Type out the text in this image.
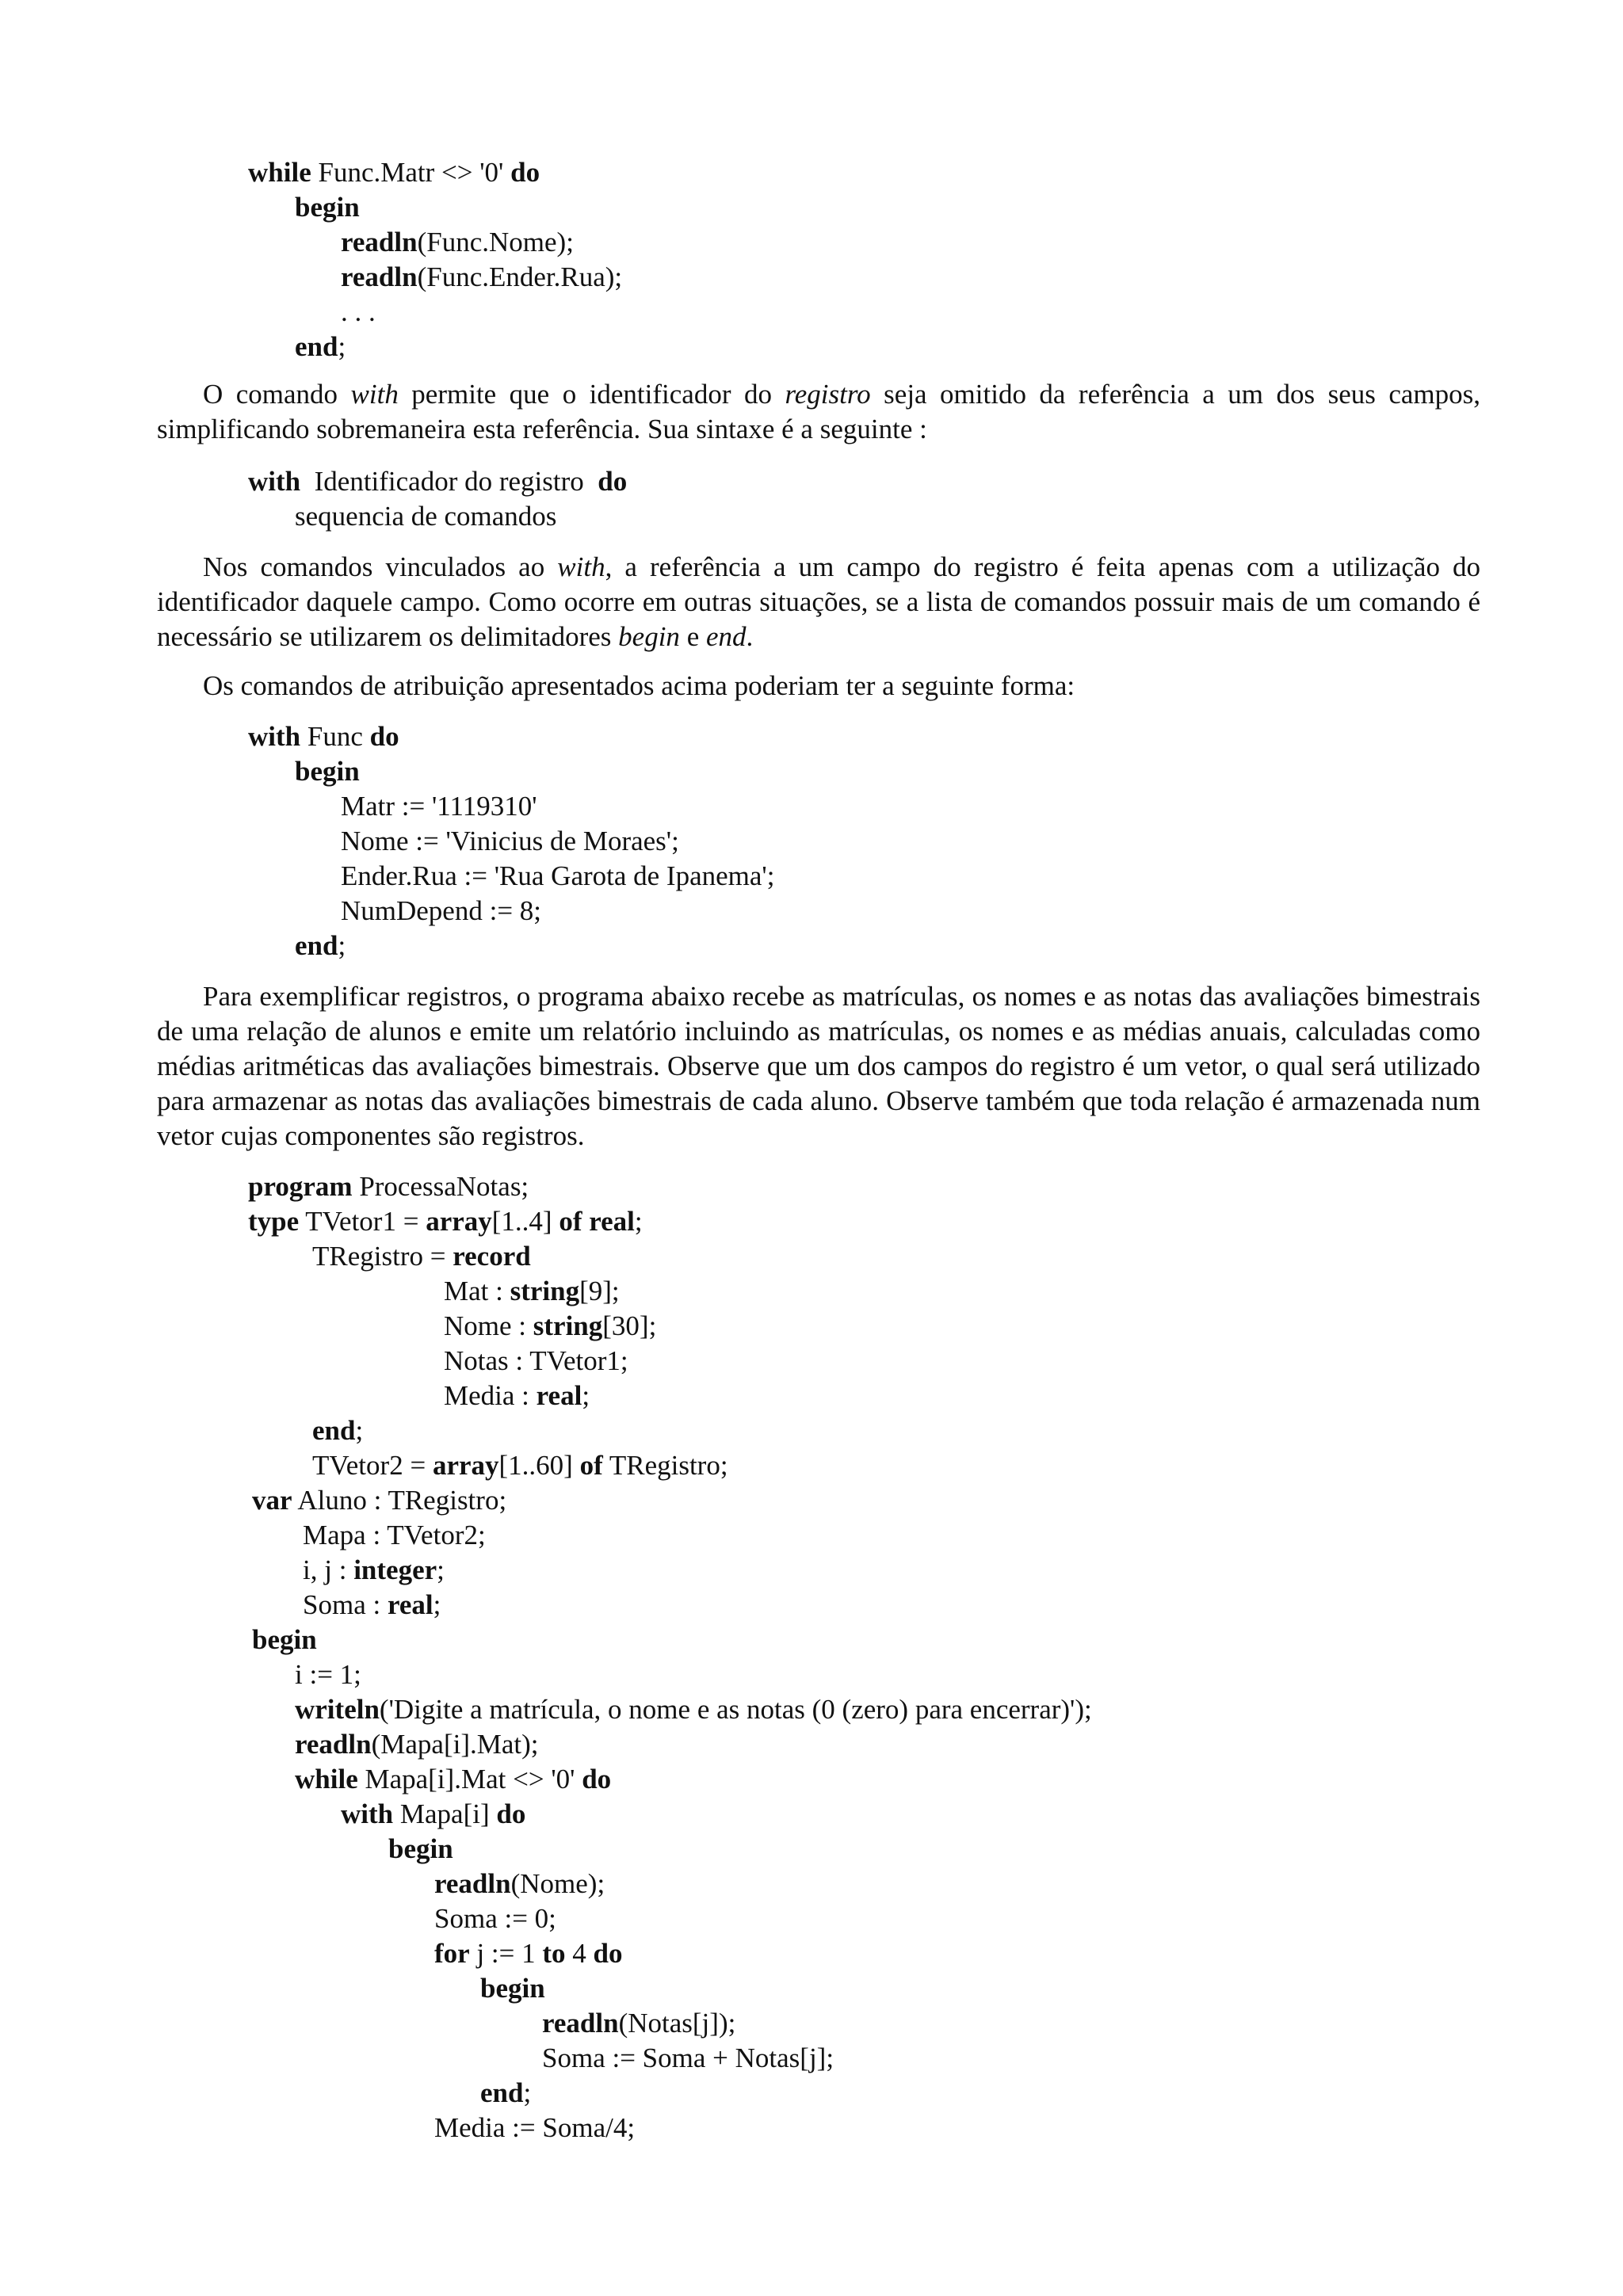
while Func.Matr <> '0' do
begin
readln(Func.Nome);
readln(Func.Ender.Rua);
. . .
end;

O comando with permite que o identificador do registro seja omitido da referência a um dos seus campos, simplificando sobremaneira esta referência. Sua sintaxe é a seguinte :

with  Identificador do registro  do
sequencia de comandos

Nos comandos vinculados ao with, a referência a um campo do registro é feita apenas com a utilização do identificador daquele campo. Como ocorre em outras situações, se a lista de comandos possuir mais de um comando é necessário se utilizarem os delimitadores begin e end.

Os comandos de atribuição apresentados acima poderiam ter a seguinte forma:

with Func do
begin
Matr := '1119310'
Nome := 'Vinicius de Moraes';
Ender.Rua := 'Rua Garota de Ipanema';
NumDepend := 8;
end;

Para exemplificar registros, o programa abaixo recebe as matrículas, os nomes e as notas das avaliações bimestrais de uma relação de alunos e emite um relatório incluindo as matrículas, os nomes e as médias anuais, calculadas como médias aritméticas das avaliações bimestrais. Observe que um dos campos do registro é um vetor, o qual será utilizado para armazenar as notas das avaliações bimestrais de cada aluno. Observe também que toda relação é armazenada num vetor cujas componentes são registros.

program ProcessaNotas;
type TVetor1 = array[1..4] of real;
TRegistro = record
Mat : string[9];
Nome : string[30];
Notas : TVetor1;
Media : real;
end;
TVetor2 = array[1..60] of TRegistro;
var Aluno : TRegistro;
Mapa : TVetor2;
i, j : integer;
Soma : real;
begin
i := 1;
writeln('Digite a matrícula, o nome e as notas (0 (zero) para encerrar)');
readln(Mapa[i].Mat);
while Mapa[i].Mat <> '0' do
with Mapa[i] do
begin
readln(Nome);
Soma := 0;
for j := 1 to 4 do
begin
readln(Notas[j]);
Soma := Soma + Notas[j];
end;
Media := Soma/4;
